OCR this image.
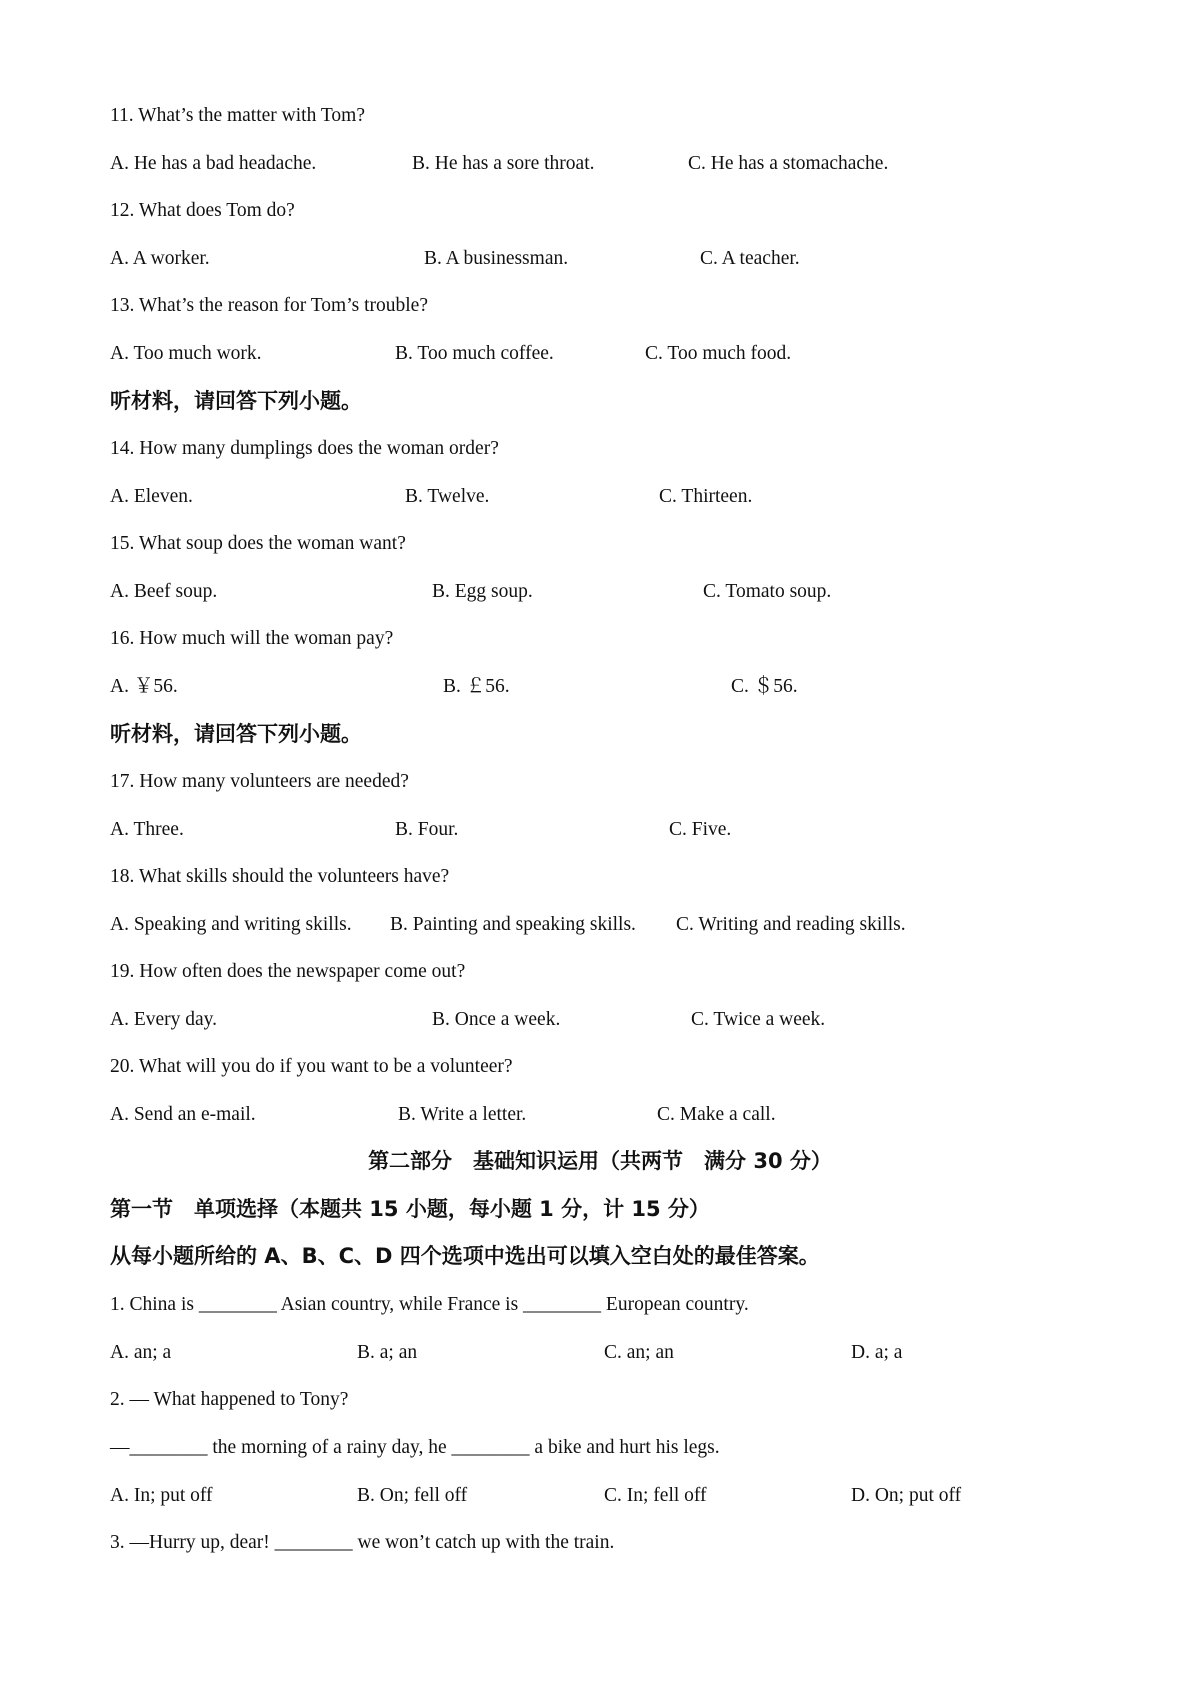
11. What’s the matter with Tom?
A. He has a bad headache.	B. He has a sore throat.	C. He has a stomachache.
12. What does Tom do?
A. A worker.	B. A businessman.	C. A teacher.
13. What’s the reason for Tom’s trouble?
A. Too much work.	B. Too much coffee.	C. Too much food.
听材料，请回答下列小题。
14. How many dumplings does the woman order?
A. Eleven.	B. Twelve.	C. Thirteen.
15. What soup does the woman want?
A. Beef soup.	B. Egg soup.	C. Tomato soup.
16. How much will the woman pay?
A. ￥56.	B. ￡56.	C. ＄56.
听材料，请回答下列小题。
17. How many volunteers are needed?
A. Three.	B. Four.	C. Five.
18. What skills should the volunteers have?
A. Speaking and writing skills. B. Painting and speaking skills. C. Writing and reading skills.
19. How often does the newspaper come out?
A. Every day.	B. Once a week.	C. Twice a week.
20. What will you do if you want to be a volunteer?
A. Send an e-mail.	B. Write a letter.	C. Make a call.
第二部分　基础知识运用（共两节　满分 30 分）
第一节　单项选择（本题共 15 小题，每小题 1 分，计 15 分）
从每小题所给的 A、B、C、D 四个选项中选出可以填入空白处的最佳答案。
1. China is ________ Asian country, while France is ________ European country.
A. an; a	B. a; an	C. an; an	D. a; a
2. — What happened to Tony?
—________ the morning of a rainy day, he ________ a bike and hurt his legs.
A. In; put off	B. On; fell off	C. In; fell off	D. On; put off
3. —Hurry up, dear! ________ we won’t catch up with the train.
